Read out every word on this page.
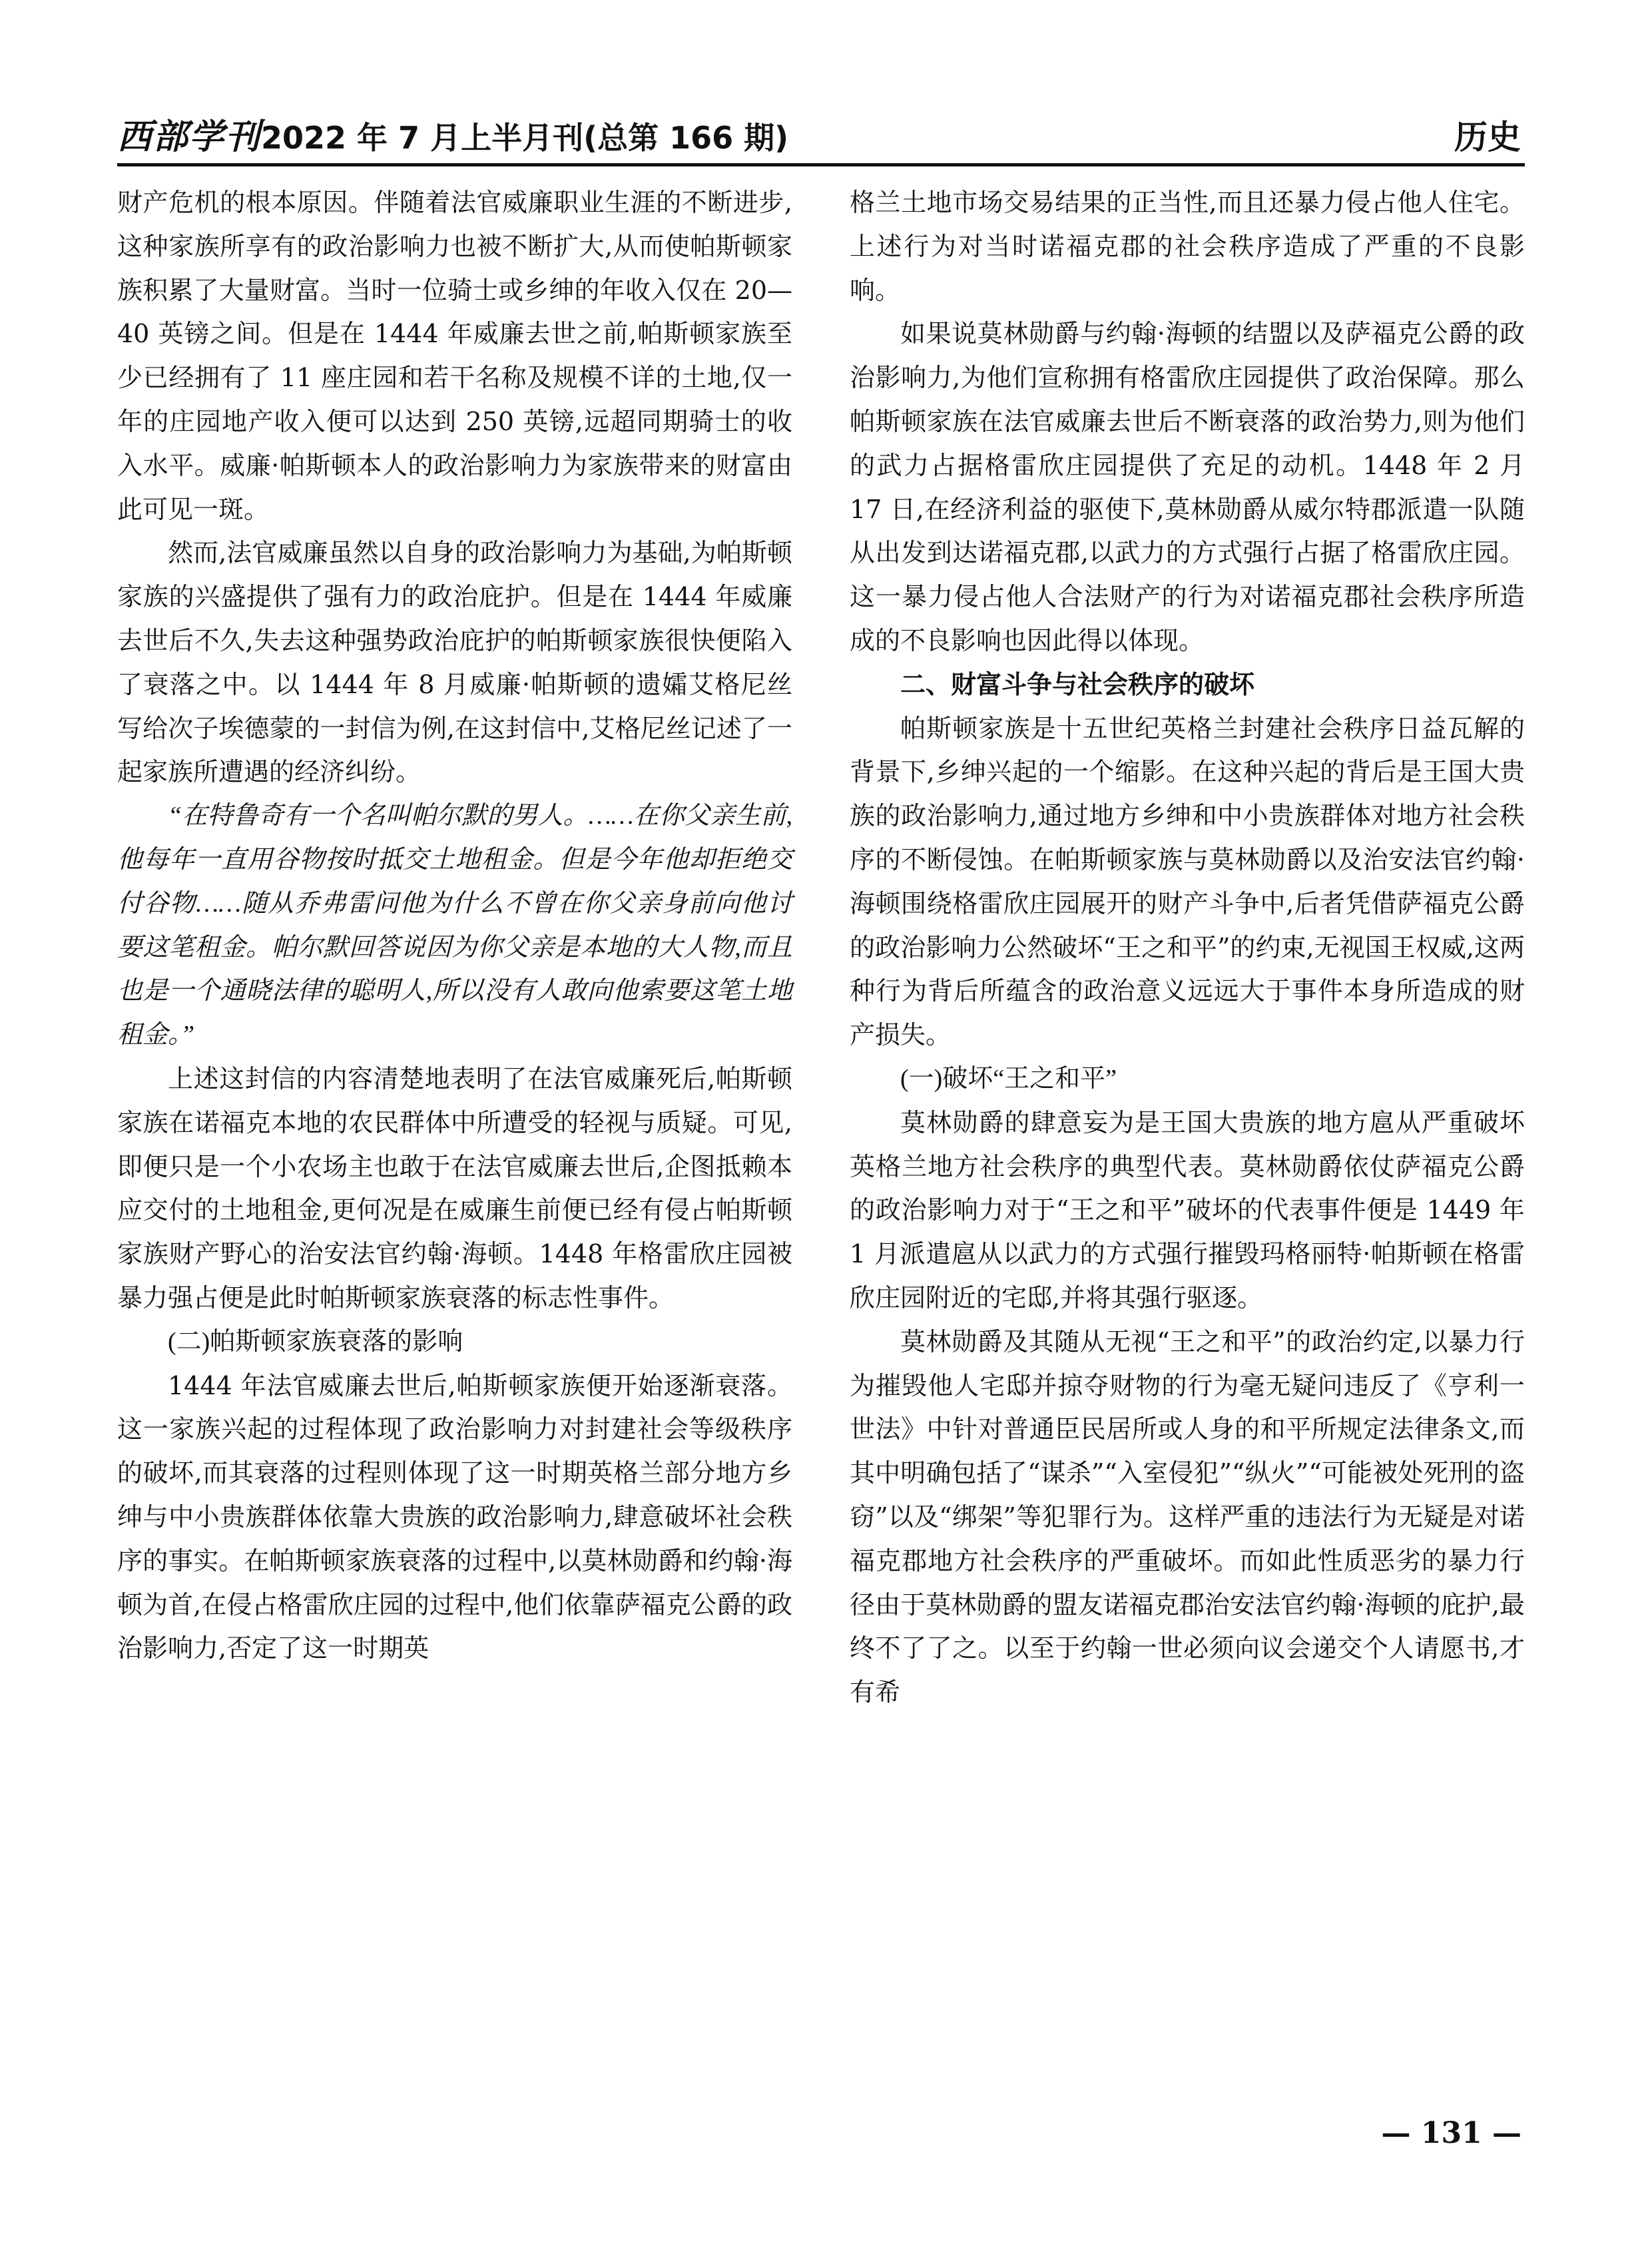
西部学刊2022 年 7 月上半月刊(总第 166 期)	历史

财产危机的根本原因。伴随着法官威廉职业生涯的不断进步,这种家族所享有的政治影响力也被不断扩大,从而使帕斯顿家族积累了大量财富。当时一位骑士或乡绅的年收入仅在 20—40 英镑之间。但是在 1444 年威廉去世之前,帕斯顿家族至少已经拥有了 11 座庄园和若干名称及规模不详的土地,仅一年的庄园地产收入便可以达到 250 英镑,远超同期骑士的收入水平。威廉·帕斯顿本人的政治影响力为家族带来的财富由此可见一斑。

然而,法官威廉虽然以自身的政治影响力为基础,为帕斯顿家族的兴盛提供了强有力的政治庇护。但是在 1444 年威廉去世后不久,失去这种强势政治庇护的帕斯顿家族很快便陷入了衰落之中。以 1444 年 8 月威廉·帕斯顿的遗孀艾格尼丝写给次子埃德蒙的一封信为例,在这封信中,艾格尼丝记述了一起家族所遭遇的经济纠纷。

“在特鲁奇有一个名叫帕尔默的男人。……在你父亲生前,他每年一直用谷物按时抵交土地租金。但是今年他却拒绝交付谷物……随从乔弗雷问他为什么不曾在你父亲身前向他讨要这笔租金。帕尔默回答说因为你父亲是本地的大人物,而且也是一个通晓法律的聪明人,所以没有人敢向他索要这笔土地租金。”

上述这封信的内容清楚地表明了在法官威廉死后,帕斯顿家族在诺福克本地的农民群体中所遭受的轻视与质疑。可见,即便只是一个小农场主也敢于在法官威廉去世后,企图抵赖本应交付的土地租金,更何况是在威廉生前便已经有侵占帕斯顿家族财产野心的治安法官约翰·海顿。1448 年格雷欣庄园被暴力强占便是此时帕斯顿家族衰落的标志性事件。

(二)帕斯顿家族衰落的影响

1444 年法官威廉去世后,帕斯顿家族便开始逐渐衰落。这一家族兴起的过程体现了政治影响力对封建社会等级秩序的破坏,而其衰落的过程则体现了这一时期英格兰部分地方乡绅与中小贵族群体依靠大贵族的政治影响力,肆意破坏社会秩序的事实。在帕斯顿家族衰落的过程中,以莫林勋爵和约翰·海顿为首,在侵占格雷欣庄园的过程中,他们依靠萨福克公爵的政治影响力,否定了这一时期英

格兰土地市场交易结果的正当性,而且还暴力侵占他人住宅。上述行为对当时诺福克郡的社会秩序造成了严重的不良影响。

如果说莫林勋爵与约翰·海顿的结盟以及萨福克公爵的政治影响力,为他们宣称拥有格雷欣庄园提供了政治保障。那么帕斯顿家族在法官威廉去世后不断衰落的政治势力,则为他们的武力占据格雷欣庄园提供了充足的动机。1448 年 2 月 17 日,在经济利益的驱使下,莫林勋爵从威尔特郡派遣一队随从出发到达诺福克郡,以武力的方式强行占据了格雷欣庄园。这一暴力侵占他人合法财产的行为对诺福克郡社会秩序所造成的不良影响也因此得以体现。

二、财富斗争与社会秩序的破坏

帕斯顿家族是十五世纪英格兰封建社会秩序日益瓦解的背景下,乡绅兴起的一个缩影。在这种兴起的背后是王国大贵族的政治影响力,通过地方乡绅和中小贵族群体对地方社会秩序的不断侵蚀。在帕斯顿家族与莫林勋爵以及治安法官约翰·海顿围绕格雷欣庄园展开的财产斗争中,后者凭借萨福克公爵的政治影响力公然破坏“王之和平”的约束,无视国王权威,这两种行为背后所蕴含的政治意义远远大于事件本身所造成的财产损失。

(一)破坏“王之和平”

莫林勋爵的肆意妄为是王国大贵族的地方扈从严重破坏英格兰地方社会秩序的典型代表。莫林勋爵依仗萨福克公爵的政治影响力对于“王之和平”破坏的代表事件便是 1449 年 1 月派遣扈从以武力的方式强行摧毁玛格丽特·帕斯顿在格雷欣庄园附近的宅邸,并将其强行驱逐。

莫林勋爵及其随从无视“王之和平”的政治约定,以暴力行为摧毁他人宅邸并掠夺财物的行为毫无疑问违反了《亨利一世法》中针对普通臣民居所或人身的和平所规定法律条文,而其中明确包括了“谋杀”“入室侵犯”“纵火”“可能被处死刑的盗窃”以及“绑架”等犯罪行为。这样严重的违法行为无疑是对诺福克郡地方社会秩序的严重破坏。而如此性质恶劣的暴力行径由于莫林勋爵的盟友诺福克郡治安法官约翰·海顿的庇护,最终不了了之。以至于约翰一世必须向议会递交个人请愿书,才有希

— 131 —
